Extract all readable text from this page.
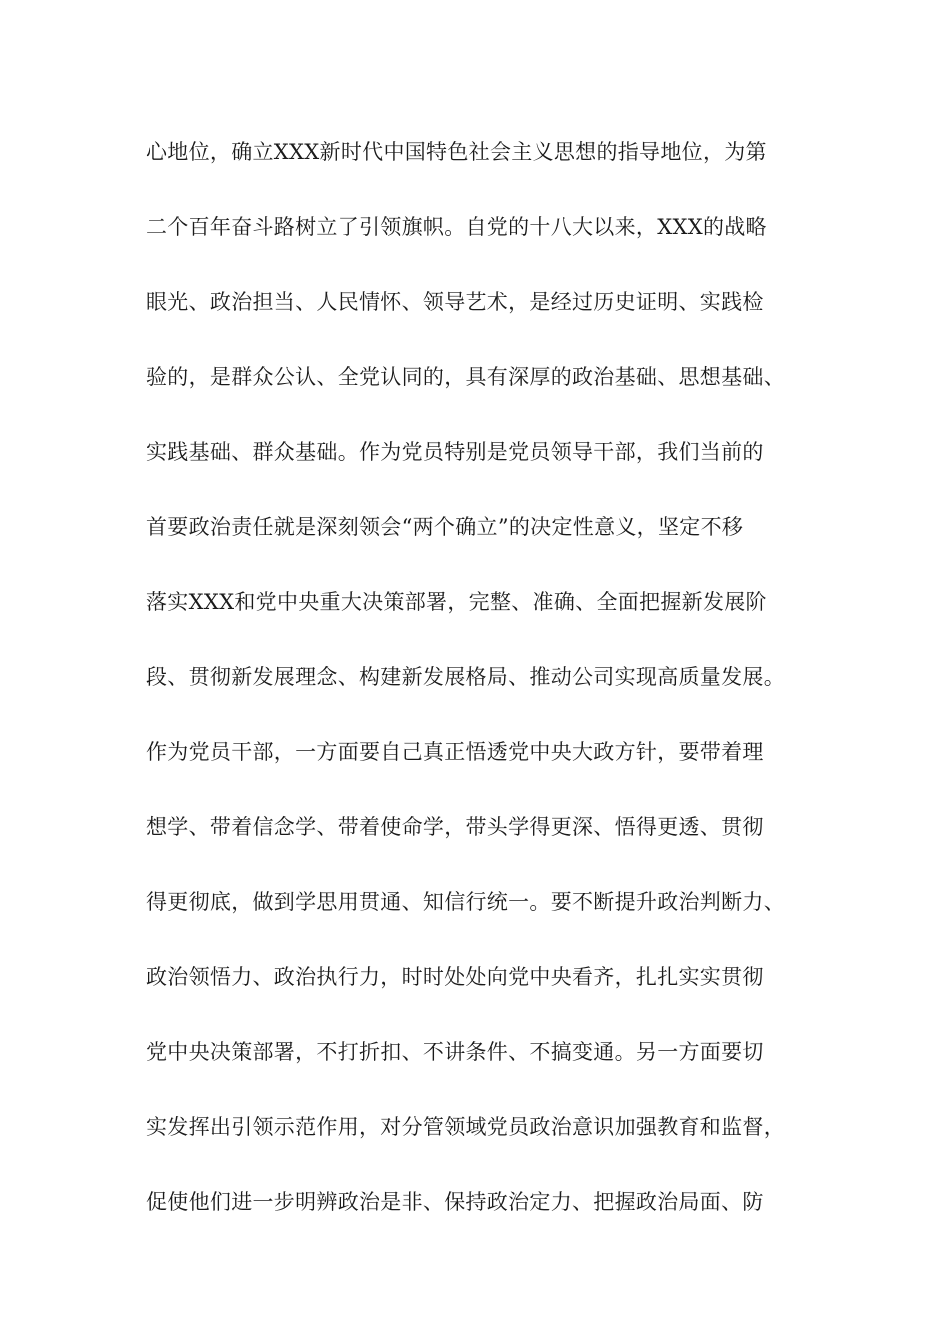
心地位，确立XXX新时代中国特色社会主义思想的指导地位，为第
二个百年奋斗路树立了引领旗帜。自党的十八大以来，XXX的战略
眼光、政治担当、人民情怀、领导艺术，是经过历史证明、实践检
验的，是群众公认、全党认同的，具有深厚的政治基础、思想基础、
实践基础、群众基础。作为党员特别是党员领导干部，我们当前的
首要政治责任就是深刻领会“两个确立”的决定性意义，坚定不移
落实XXX和党中央重大决策部署，完整、准确、全面把握新发展阶
段、贯彻新发展理念、构建新发展格局、推动公司实现高质量发展。
作为党员干部，一方面要自己真正悟透党中央大政方针，要带着理
想学、带着信念学、带着使命学，带头学得更深、悟得更透、贯彻
得更彻底，做到学思用贯通、知信行统一。要不断提升政治判断力、
政治领悟力、政治执行力，时时处处向党中央看齐，扎扎实实贯彻
党中央决策部署，不打折扣、不讲条件、不搞变通。另一方面要切
实发挥出引领示范作用，对分管领域党员政治意识加强教育和监督，
促使他们进一步明辨政治是非、保持政治定力、把握政治局面、防
